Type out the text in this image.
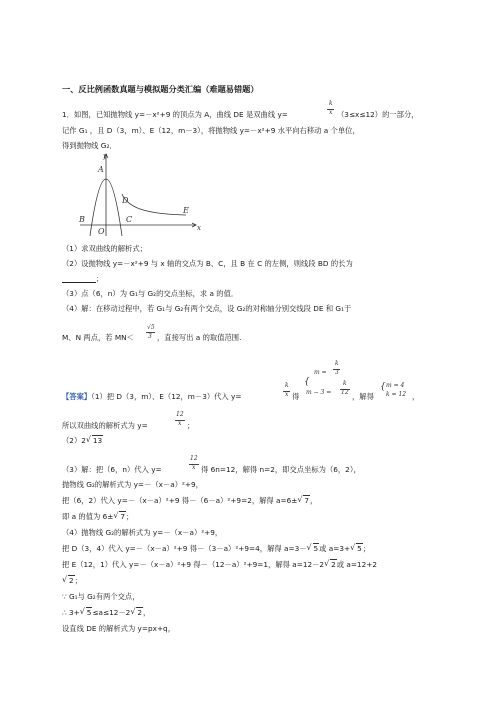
一、反比例函数真题与模拟题分类汇编（难题易错题）
1．如图，已知抛物线 y=－x²+9 的顶点为 A，曲线 DE 是双曲线 y=
k
x （3≤x≤12）的一部分，
记作 G₁ ，且 D（3，m）、E（12，m－3），将抛物线 y=－x²+9 水平向右移动 a 个单位，
得到抛物线 G₂．
y
x
A
B	C
D
E
O
（1）求双曲线的解析式；
（2）设抛物线 y=－x²+9 与 x 轴的交点为 B、C，且 B 在 C 的左侧，则线段 BD 的长为
；
（3）点（6，n）为 G₁与 G₂的交点坐标，求 a 的值．
（4）解：在移动过程中，若 G₁与 G₂有两个交点，设 G₂的对称轴分别交线段 DE 和 G₁于
M、N 两点，若 MN＜
√5
3 ，直接写出 a 的取值范围.
【答案】（1）把 D（3，m）、E（12，m－3）代入 y=
k
x 得
{
m =
k
3
m − 3 =
k
12 ，解得
{ m = 4
k = 12 ，
所以双曲线的解析式为 y=
12
x ；
（2）2 √ 13
（3）解：把（6，n）代入 y=
12
x 得 6n=12，解得 n=2，即交点坐标为（6，2），
抛物线 G₂的解析式为 y=－（x－a）²+9，
把（6，2）代入 y=－（x－a）²+9 得－（6－a）²+9=2，解得 a=6± √ 7，
即 a 的值为 6± √ 7；
（4）抛物线 G₂的解析式为 y=－（x－a）²+9，
把 D（3，4）代入 y=－（x－a）²+9 得－（3－a）²+9=4，解得 a=3－ √ 5或 a=3+ √ 5；
把 E（12，1）代入 y=－（x－a）²+9 得－（12－a）²+9=1，解得 a=12－2 √ 2或 a=12+2
√ 2；
∵ G₁与 G₂有两个交点，
∴ 3+ √ 5≤a≤12－2 √ 2，
设直线 DE 的解析式为 y=px+q，
